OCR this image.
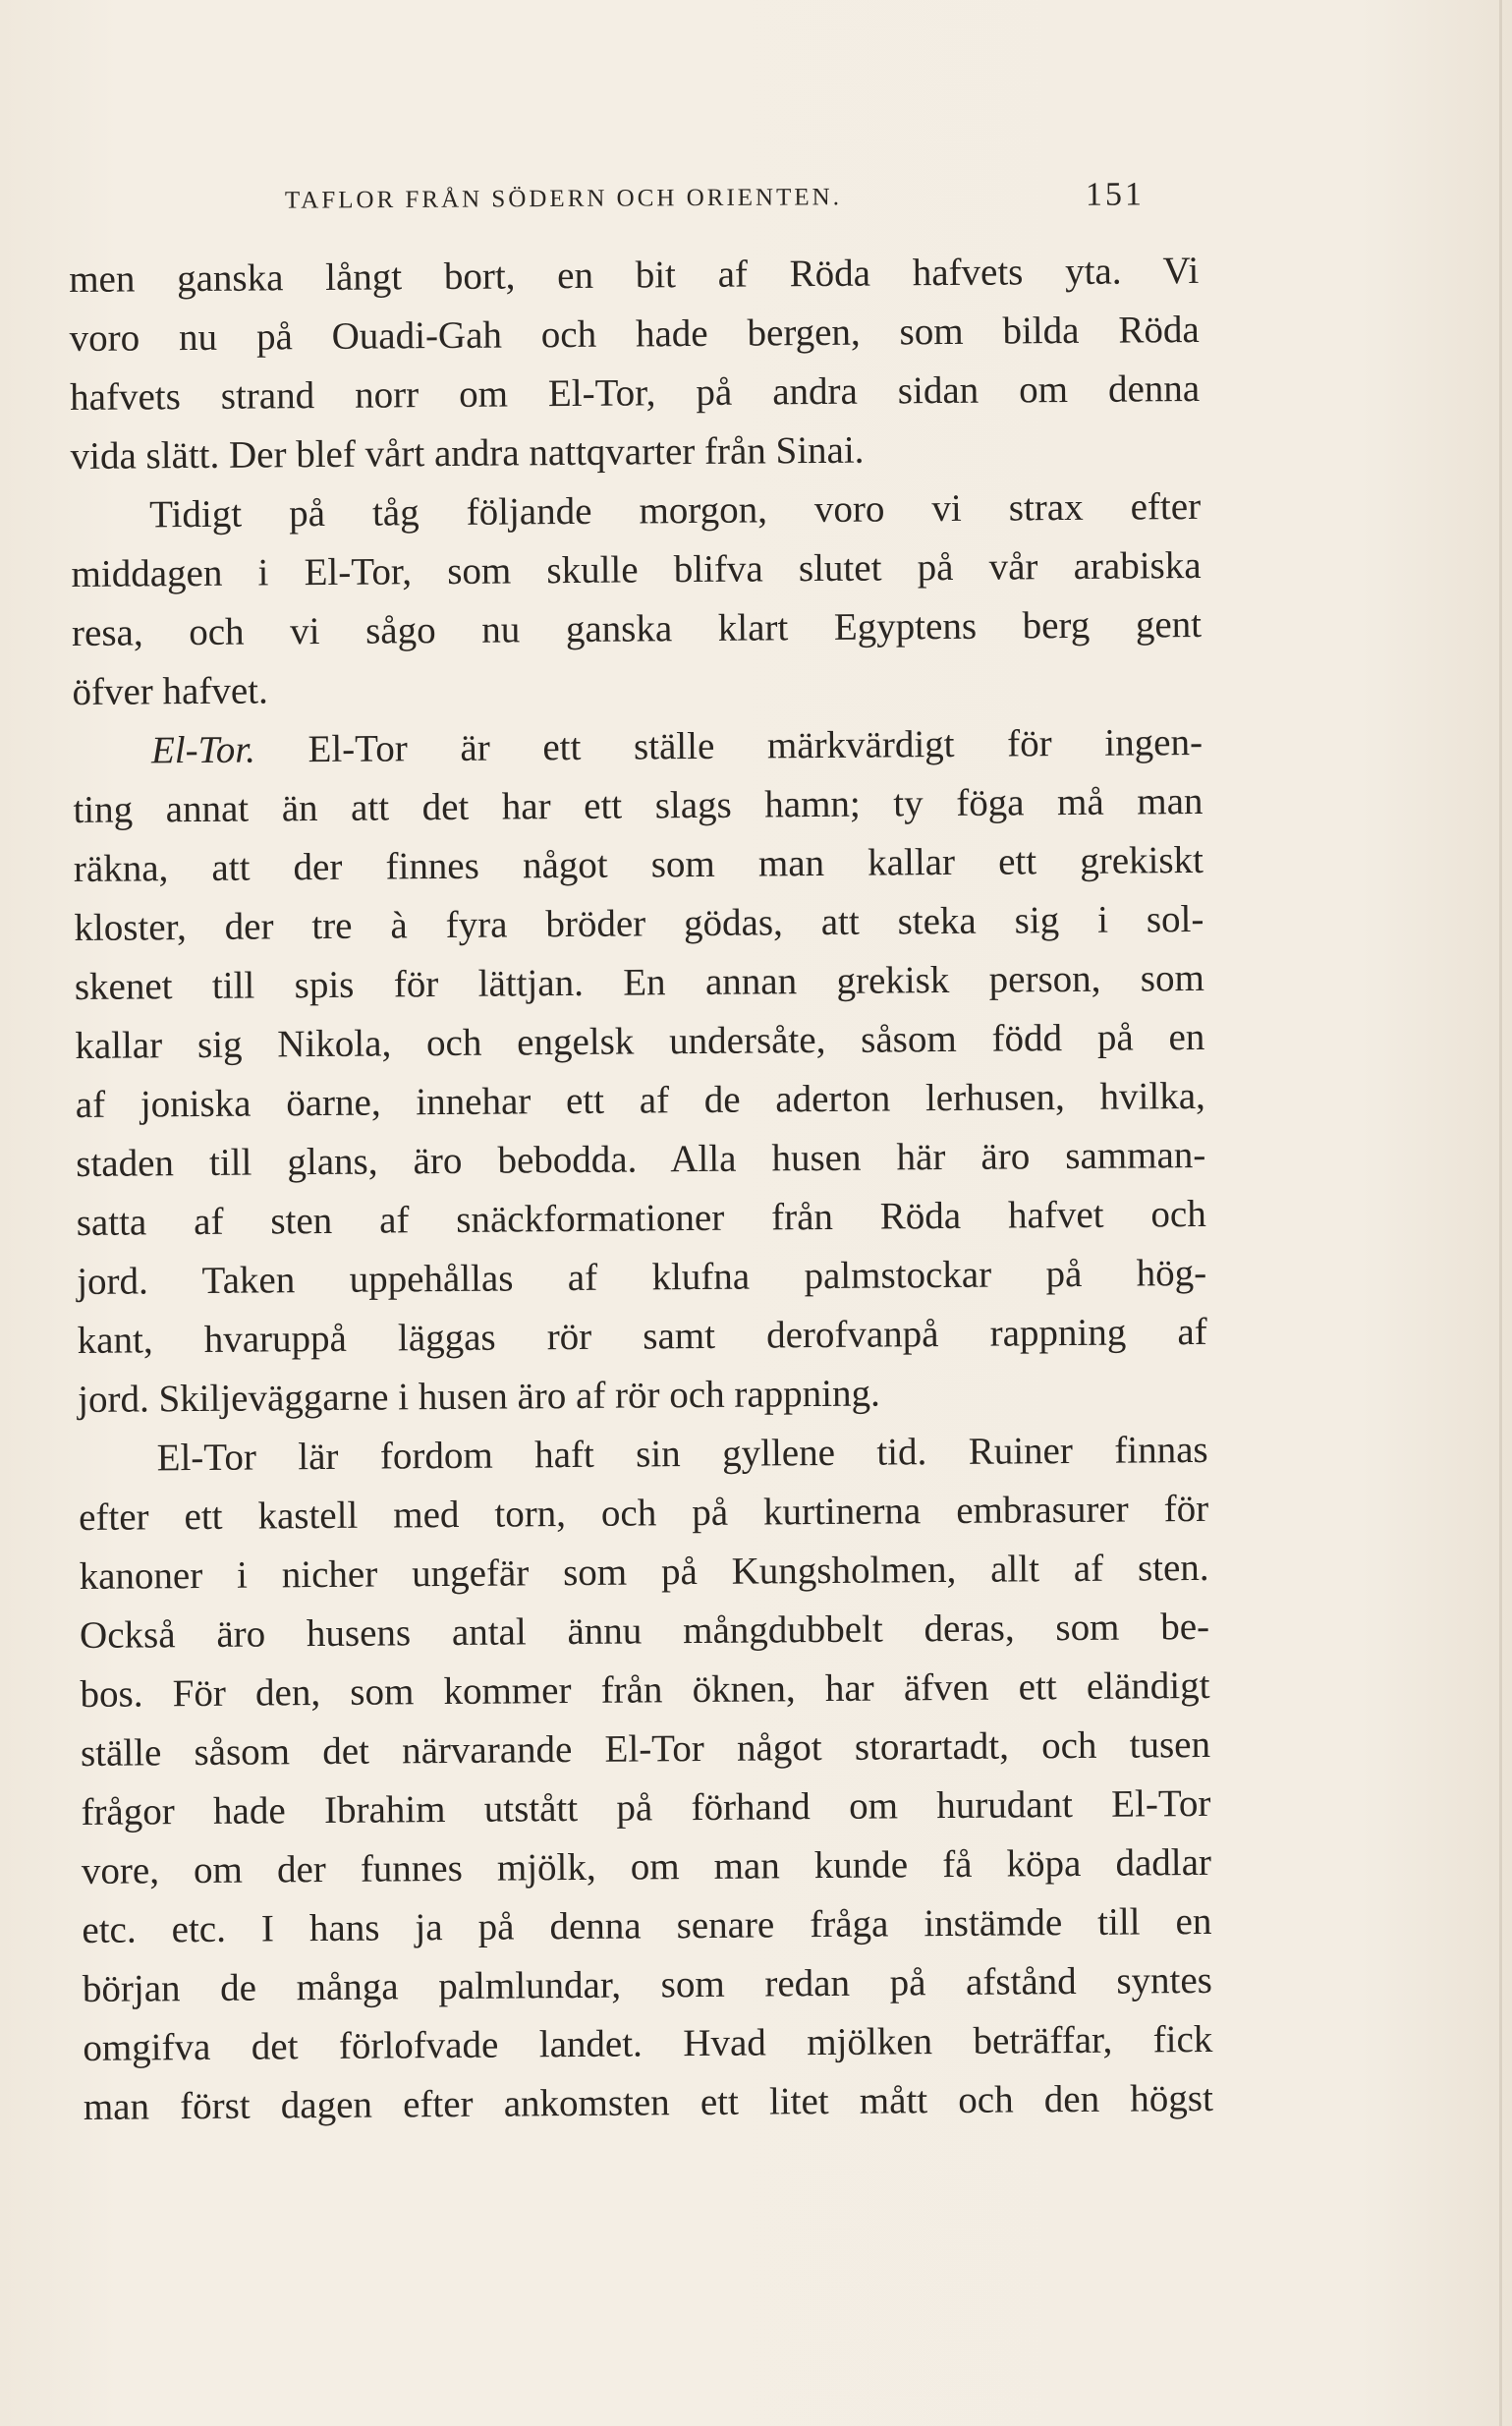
TAFLOR FRÅN SÖDERN OCH ORIENTEN.	151
men ganska långt bort, en bit af Röda hafvets yta. Vi
voro nu på Ouadi-Gah och hade bergen, som bilda Röda
hafvets strand norr om El-Tor, på andra sidan om denna
vida slätt. Der blef vårt andra nattqvarter från Sinai.
Tidigt på tåg följande morgon, voro vi strax efter
middagen i El-Tor, som skulle blifva slutet på vår arabiska
resa, och vi sågo nu ganska klart Egyptens berg gent
öfver hafvet.
El-Tor. El-Tor är ett ställe märkvärdigt för ingen-
ting annat än att det har ett slags hamn; ty föga må man
räkna, att der finnes något som man kallar ett grekiskt
kloster, der tre à fyra bröder gödas, att steka sig i sol-
skenet till spis för lättjan. En annan grekisk person, som
kallar sig Nikola, och engelsk undersåte, såsom född på en
af joniska öarne, innehar ett af de aderton lerhusen, hvilka,
staden till glans, äro bebodda. Alla husen här äro samman-
satta af sten af snäckformationer från Röda hafvet och
jord. Taken uppehållas af klufna palmstockar på hög-
kant, hvaruppå läggas rör samt derofvanpå rappning af
jord. Skiljeväggarne i husen äro af rör och rappning.
El-Tor lär fordom haft sin gyllene tid. Ruiner finnas
efter ett kastell med torn, och på kurtinerna embrasurer för
kanoner i nicher ungefär som på Kungsholmen, allt af sten.
Också äro husens antal ännu mångdubbelt deras, som be-
bos. För den, som kommer från öknen, har äfven ett eländigt
ställe såsom det närvarande El-Tor något storartadt, och tusen
frågor hade Ibrahim utstått på förhand om hurudant El-Tor
vore, om der funnes mjölk, om man kunde få köpa dadlar
etc. etc. I hans ja på denna senare fråga instämde till en
början de många palmlundar, som redan på afstånd syntes
omgifva det förlofvade landet. Hvad mjölken beträffar, fick
man först dagen efter ankomsten ett litet mått och den högst
